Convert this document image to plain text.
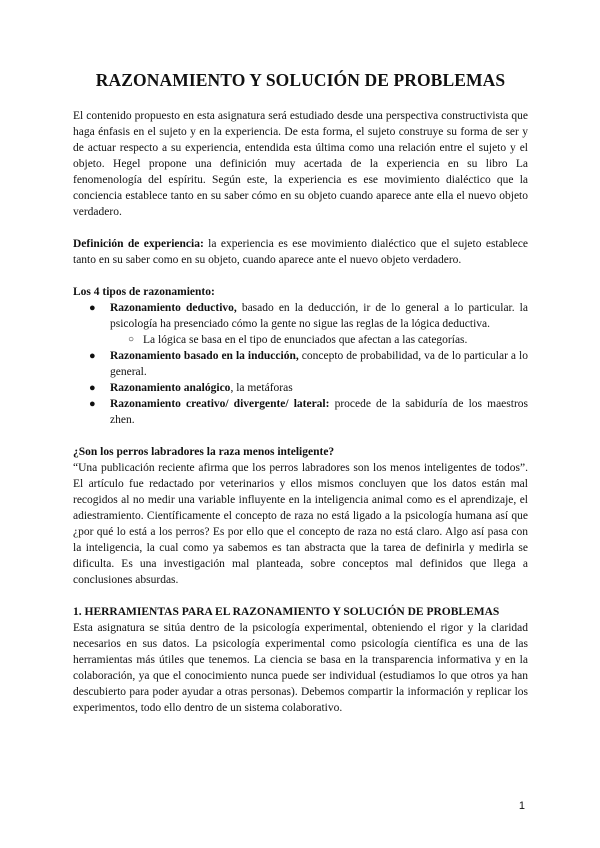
RAZONAMIENTO Y SOLUCIÓN DE PROBLEMAS

El contenido propuesto en esta asignatura será estudiado desde una perspectiva constructivista que haga énfasis en el sujeto y en la experiencia. De esta forma, el sujeto construye su forma de ser y de actuar respecto a su experiencia, entendida esta última como una relación entre el sujeto y el objeto. Hegel propone una definición muy acertada de la experiencia en su libro La fenomenología del espíritu. Según este, la experiencia es ese movimiento dialéctico que la conciencia establece tanto en su saber cómo en su objeto cuando aparece ante ella el nuevo objeto verdadero.

Definición de experiencia: la experiencia es ese movimiento dialéctico que el sujeto establece tanto en su saber como en su objeto, cuando aparece ante el nuevo objeto verdadero.

Los 4 tipos de razonamiento:

● Razonamiento deductivo, basado en la deducción, ir de lo general a lo particular. la psicología ha presenciado cómo la gente no sigue las reglas de la lógica deductiva.
○ La lógica se basa en el tipo de enunciados que afectan a las categorías.
● Razonamiento basado en la inducción, concepto de probabilidad, va de lo particular a lo general.
● Razonamiento analógico, la metáforas
● Razonamiento creativo/ divergente/ lateral: procede de la sabiduría de los maestros zhen.

¿Son los perros labradores la raza menos inteligente?

“Una publicación reciente afirma que los perros labradores son los menos inteligentes de todos”. El artículo fue redactado por veterinarios y ellos mismos concluyen que los datos están mal recogidos al no medir una variable influyente en la inteligencia animal como es el aprendizaje, el adiestramiento. Científicamente el concepto de raza no está ligado a la psicología humana así que ¿por qué lo está a los perros? Es por ello que el concepto de raza no está claro. Algo así pasa con la inteligencia, la cual como ya sabemos es tan abstracta que la tarea de definirla y medirla se dificulta. Es una investigación mal planteada, sobre conceptos mal definidos que llega a conclusiones absurdas.

1. HERRAMIENTAS PARA EL RAZONAMIENTO Y SOLUCIÓN DE PROBLEMAS

Esta asignatura se sitúa dentro de la psicología experimental, obteniendo el rigor y la claridad necesarios en sus datos. La psicología experimental como psicología científica es una de las herramientas más útiles que tenemos. La ciencia se basa en la transparencia informativa y en la colaboración, ya que el conocimiento nunca puede ser individual (estudiamos lo que otros ya han descubierto para poder ayudar a otras personas). Debemos compartir la información y replicar los experimentos, todo ello dentro de un sistema colaborativo.

1
